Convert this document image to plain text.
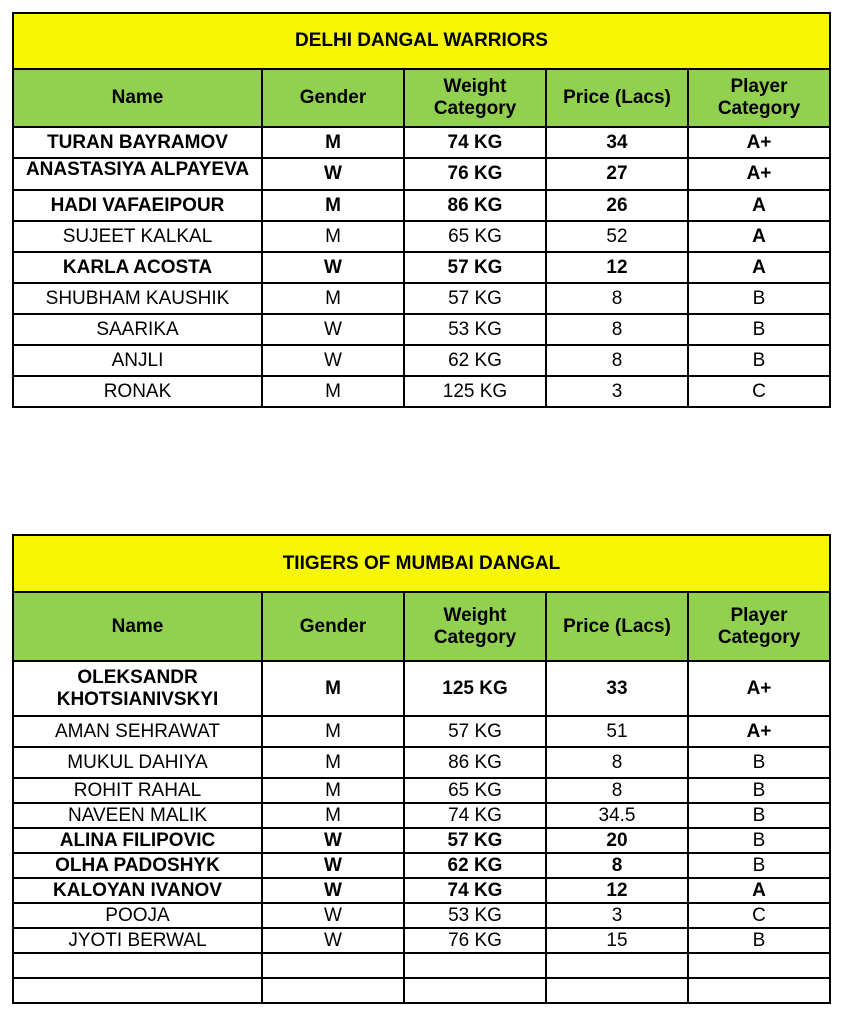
DELHI DANGAL WARRIORS				
Name	Gender	Weight Category	Price (Lacs)	Player Category
TURAN BAYRAMOV	M	74 KG	34	A+

ANASTASIYA ALPAYEVA	W	76 KG	27	A+
HADI VAFAEIPOUR	M	86 KG	26	A
SUJEET KALKAL	M	65 KG	52	A
KARLA ACOSTA	W	57 KG	12	A
SHUBHAM KAUSHIK	M	57 KG	8	B
SAARIKA	W	53 KG	8	B
ANJLI	W	62 KG	8	B
RONAK	M	125 KG	3	C
TIIGERS OF MUMBAI DANGAL				
Name	Gender	Weight Category	Price (Lacs)	Player Category
OLEKSANDR KHOTSIANIVSKYI	M	125 KG	33	A+
AMAN SEHRAWAT	M	57 KG	51	A+
MUKUL DAHIYA	M	86 KG	8	B
ROHIT RAHAL	M	65 KG	8	B
NAVEEN MALIK	M	74 KG	34.5	B
ALINA FILIPOVIC	W	57 KG	20	B
OLHA PADOSHYK	W	62 KG	8	B
KALOYAN IVANOV	W	74 KG	12	A
POOJA	W	53 KG	3	C
JYOTI BERWAL	W	76 KG	15	B
